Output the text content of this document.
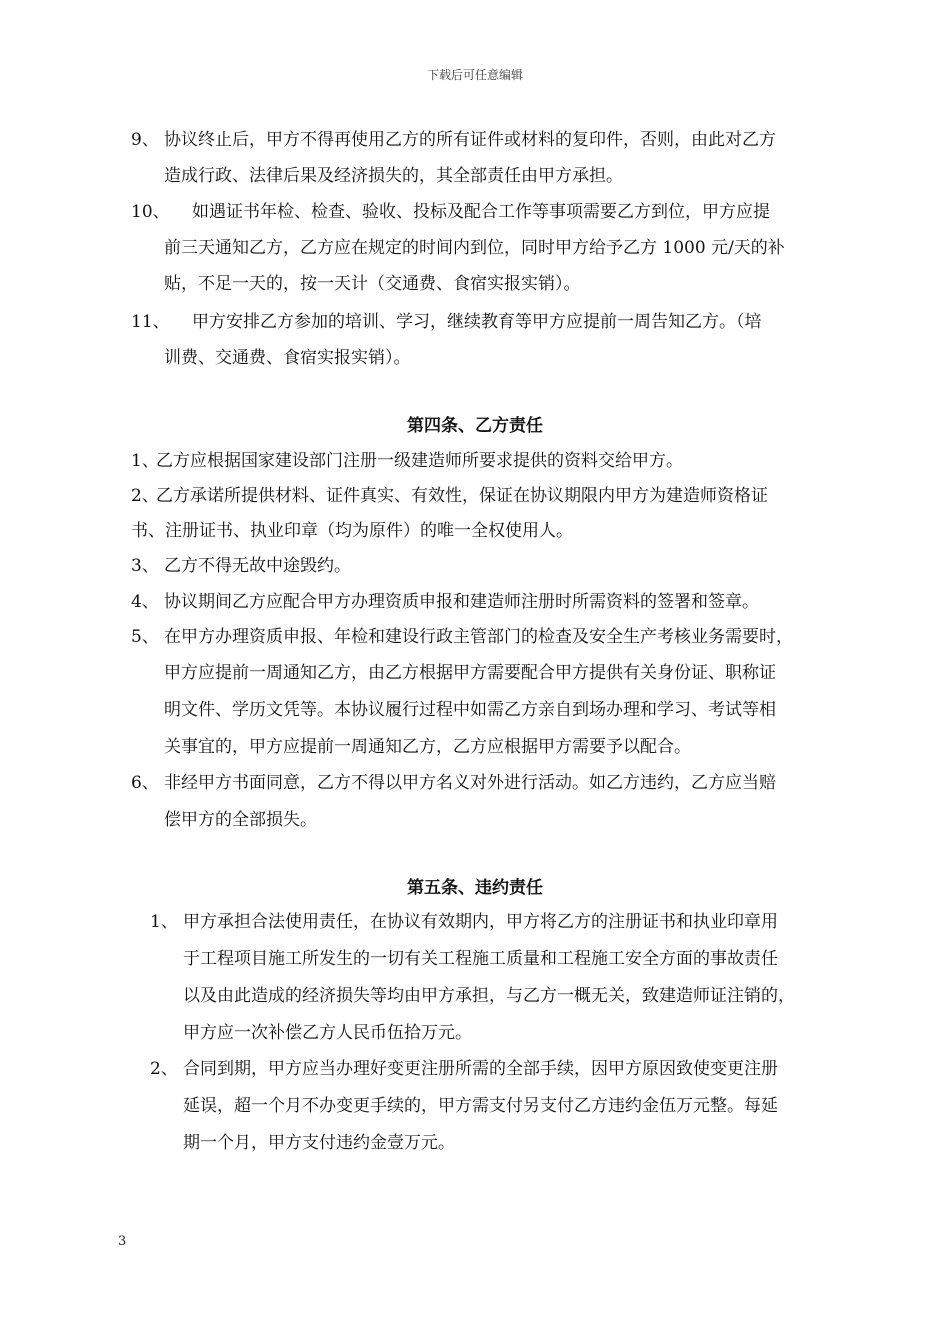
下载后可任意编辑
9、 协议终止后，甲方不得再使用乙方的所有证件或材料的复印件，否则，由此对乙方
造成行政、法律后果及经济损失的，其全部责任由甲方承担。
10、 如遇证书年检、检查、验收、投标及配合工作等事项需要乙方到位，甲方应提
前三天通知乙方，乙方应在规定的时间内到位，同时甲方给予乙方 1000 元/天的补
贴，不足一天的，按一天计（交通费、食宿实报实销）。
11、 甲方安排乙方参加的培训、学习，继续教育等甲方应提前一周告知乙方。（培
训费、交通费、食宿实报实销）。
第四条、乙方责任
1、
乙方应根据国家建设部门注册一级建造师所要求提供的资料交给甲方。
2、
乙方承诺所提供材料、证件真实、有效性，保证在协议期限内甲方为建造师资格证
书、注册证书、执业印章（均为原件）的唯一全权使用人。
3、 乙方不得无故中途毁约。
4、 协议期间乙方应配合甲方办理资质申报和建造师注册时所需资料的签署和签章。
5、 在甲方办理资质申报、年检和建设行政主管部门的检查及安全生产考核业务需要时，
甲方应提前一周通知乙方，由乙方根据甲方需要配合甲方提供有关身份证、职称证
明文件、学历文凭等。本协议履行过程中如需乙方亲自到场办理和学习、考试等相
关事宜的，甲方应提前一周通知乙方，乙方应根据甲方需要予以配合。
6、 非经甲方书面同意，乙方不得以甲方名义对外进行活动。如乙方违约，乙方应当赔
偿甲方的全部损失。
第五条、违约责任
1、 甲方承担合法使用责任，在协议有效期内，甲方将乙方的注册证书和执业印章用
于工程项目施工所发生的一切有关工程施工质量和工程施工安全方面的事故责任
以及由此造成的经济损失等均由甲方承担，与乙方一概无关，致建造师证注销的，
甲方应一次补偿乙方人民币伍拾万元。
2、 合同到期，甲方应当办理好变更注册所需的全部手续，因甲方原因致使变更注册
延误，超一个月不办变更手续的，甲方需支付另支付乙方违约金伍万元整。每延
期一个月，甲方支付违约金壹万元。
3
